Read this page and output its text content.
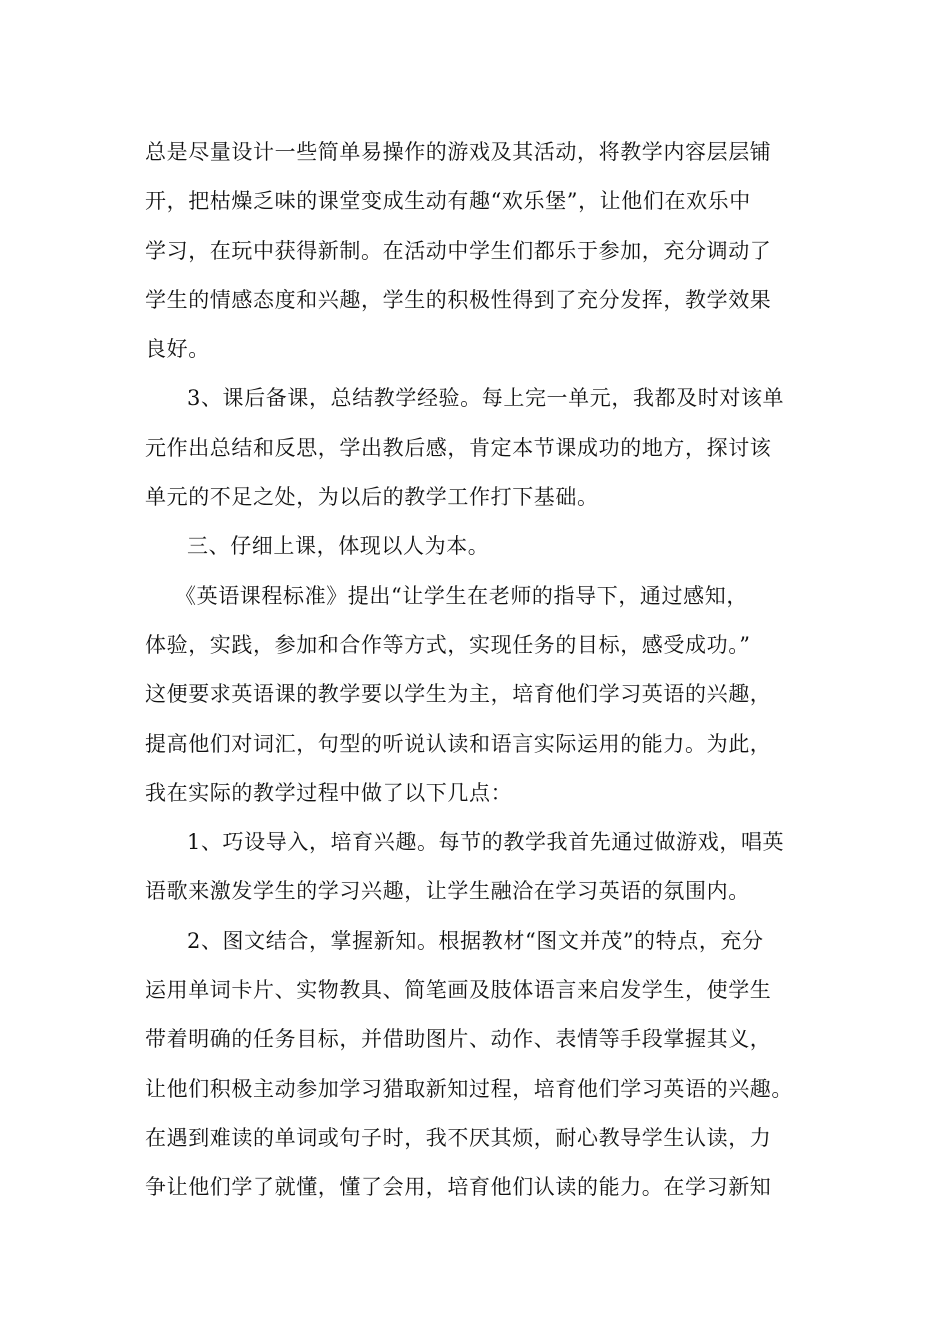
总是尽量设计一些简单易操作的游戏及其活动，将教学内容层层铺
开，把枯燥乏味的课堂变成生动有趣“欢乐堡”，让他们在欢乐中
学习，在玩中获得新制。在活动中学生们都乐于参加，充分调动了
学生的情感态度和兴趣，学生的积极性得到了充分发挥，教学效果
良好。
3、课后备课，总结教学经验。每上完一单元，我都及时对该单
元作出总结和反思，学出教后感，肯定本节课成功的地方，探讨该
单元的不足之处，为以后的教学工作打下基础。
三、仔细上课，体现以人为本。
《英语课程标准》提出“让学生在老师的指导下，通过感知，
体验，实践，参加和合作等方式，实现任务的目标，感受成功。”
这便要求英语课的教学要以学生为主，培育他们学习英语的兴趣，
提高他们对词汇，句型的听说认读和语言实际运用的能力。为此，
我在实际的教学过程中做了以下几点：
1、巧设导入，培育兴趣。每节的教学我首先通过做游戏，唱英
语歌来激发学生的学习兴趣，让学生融洽在学习英语的氛围内。
2、图文结合，掌握新知。根据教材“图文并茂”的特点，充分
运用单词卡片、实物教具、简笔画及肢体语言来启发学生，使学生
带着明确的任务目标，并借助图片、动作、表情等手段掌握其义，
让他们积极主动参加学习猎取新知过程，培育他们学习英语的兴趣。
在遇到难读的单词或句子时，我不厌其烦，耐心教导学生认读，力
争让他们学了就懂，懂了会用，培育他们认读的能力。在学习新知
